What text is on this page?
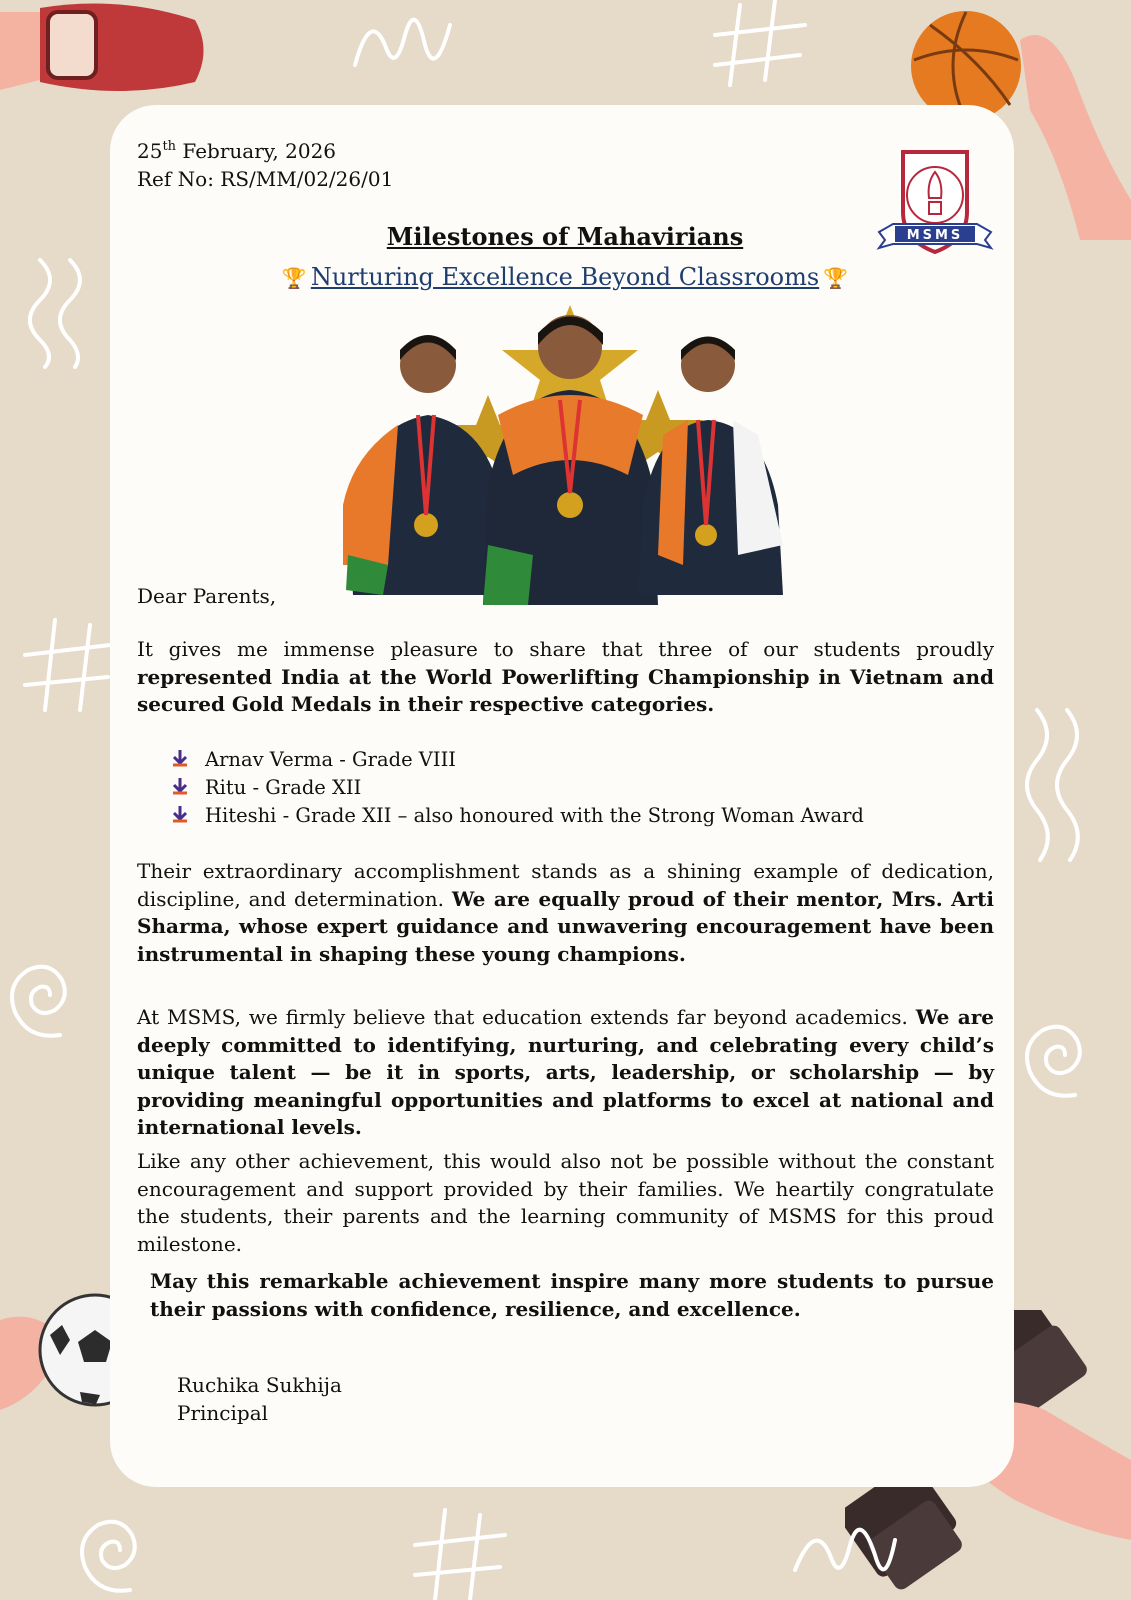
25th February, 2026
Ref No: RS/MM/02/26/01
MSMS
Milestones of Mahavirians
🏆 Nurturing Excellence Beyond Classrooms 🏆
Dear Parents,
It gives me immense pleasure to share that three of our students proudly represented India at the World Powerlifting Championship in Vietnam and secured Gold Medals in their respective categories.
Arnav Verma - Grade VIII
Ritu - Grade XII
Hiteshi - Grade XII – also honoured with the Strong Woman Award
Their extraordinary accomplishment stands as a shining example of dedication, discipline, and determination. We are equally proud of their mentor, Mrs. Arti Sharma, whose expert guidance and unwavering encouragement have been instrumental in shaping these young champions.
At MSMS, we firmly believe that education extends far beyond academics. We are deeply committed to identifying, nurturing, and celebrating every child’s unique talent — be it in sports, arts, leadership, or scholarship — by providing meaningful opportunities and platforms to excel at national and international levels.
Like any other achievement, this would also not be possible without the constant encouragement and support provided by their families. We heartily congratulate the students, their parents and the learning community of MSMS for this proud milestone.
May this remarkable achievement inspire many more students to pursue their passions with confidence, resilience, and excellence.
Ruchika Sukhija
Principal
